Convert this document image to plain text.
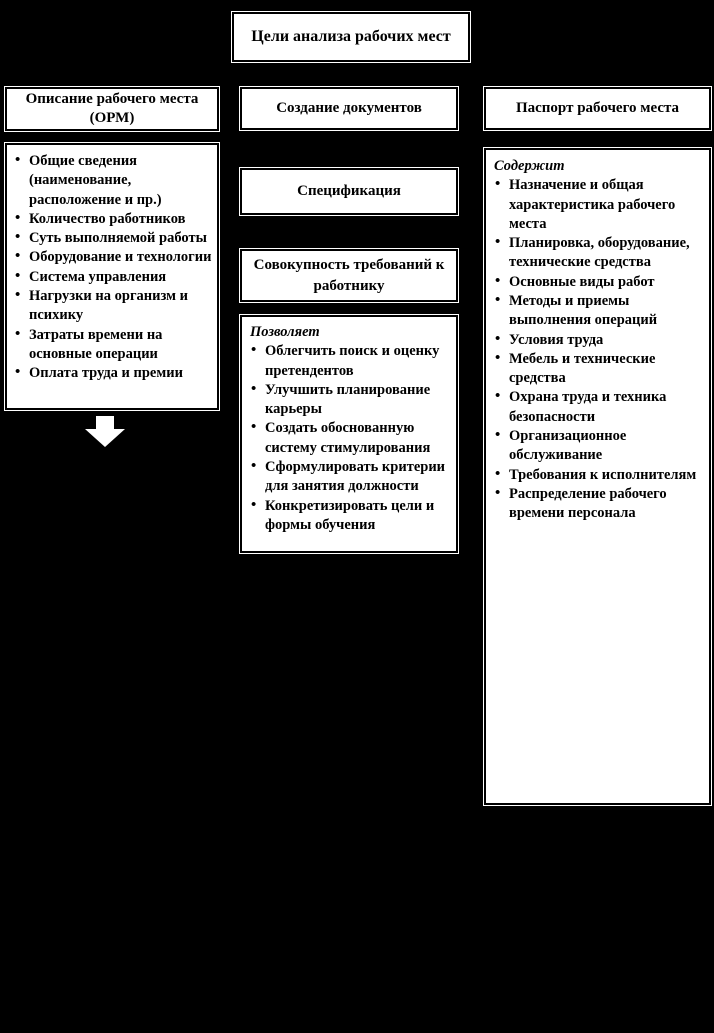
Цели анализа рабочих мест
Описание рабочего места (ОРМ)
• Общие сведения (наименование, расположение и пр.)
• Количество работников
• Суть выполняемой работы
• Оборудование и технологии
• Система управления
• Нагрузки на организм и психику
• Затраты времени на основные операции
• Оплата труда и премии
Создание документов
Спецификация
Совокупность требований к работнику
Позволяет
• Облегчить поиск и оценку претендентов
• Улучшить планирование карьеры
• Создать обоснованную систему стимулирования
• Сформулировать критерии для занятия должности
• Конкретизировать цели и формы обучения
Паспорт рабочего места
Содержит
• Назначение и общая характеристика рабочего места
• Планировка, оборудование, технические средства
• Основные виды работ
• Методы и приемы выполнения операций
• Условия труда
• Мебель и технические средства
• Охрана труда и техника безопасности
• Организационное обслуживание
• Требования к исполнителям
• Распределение рабочего времени персонала
